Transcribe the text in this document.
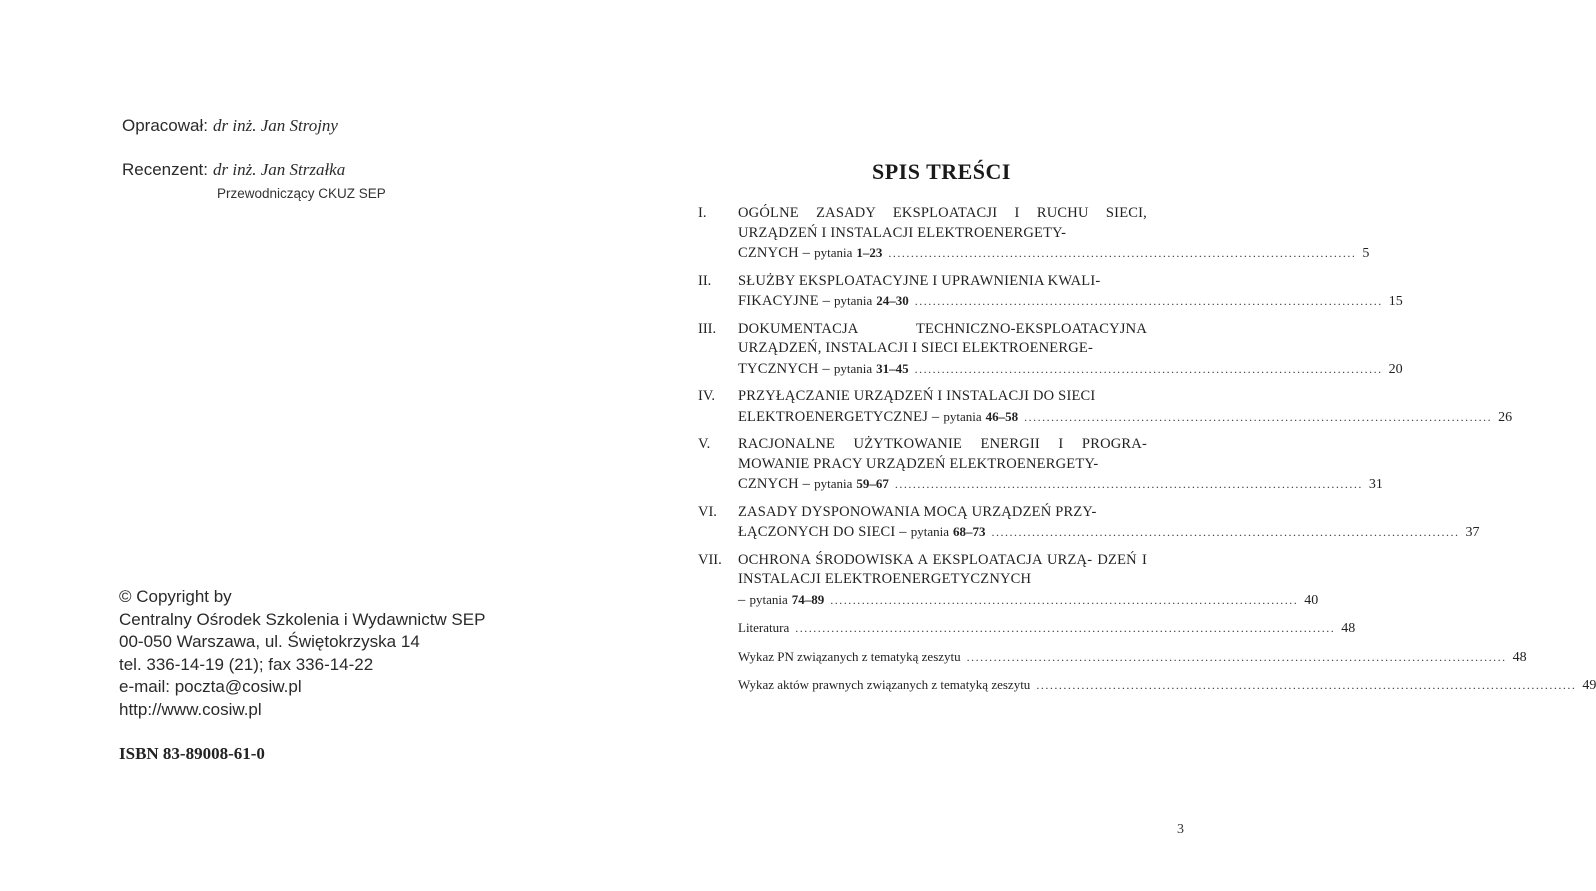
Opracował: dr inż. Jan Strojny
Recenzent: dr inż. Jan Strzałka
Przewodniczący CKUZ SEP
© Copyright by
Centralny Ośrodek Szkolenia i Wydawnictw SEP
00-050 Warszawa, ul. Świętokrzyska 14
tel. 336-14-19 (21); fax 336-14-22
e-mail: poczta@cosiw.pl
http://www.cosiw.pl
ISBN 83-89008-61-0
SPIS TREŚCI
I. OGÓLNE ZASADY EKSPLOATACJI I RUCHU SIECI, URZĄDZEŃ I INSTALACJI ELEKTROENERGETY-
CZNYCH – pytania 1–23 ........................................................................................................ 5
II. SŁUŻBY EKSPLOATACYJNE I UPRAWNIENIA KWALI-
FIKACYJNE – pytania 24–30 ........................................................................................................ 15
III. DOKUMENTACJA TECHNICZNO-EKSPLOATACYJNA URZĄDZEŃ, INSTALACJI I SIECI ELEKTROENERGE-
TYCZNYCH – pytania 31–45 ........................................................................................................ 20
IV. PRZYŁĄCZANIE URZĄDZEŃ I INSTALACJI DO SIECI
ELEKTROENERGETYCZNEJ – pytania 46–58 ........................................................................................................ 26
V. RACJONALNE UŻYTKOWANIE ENERGII I PROGRA- MOWANIE PRACY URZĄDZEŃ ELEKTROENERGETY-
CZNYCH – pytania 59–67 ........................................................................................................ 31
VI. ZASADY DYSPONOWANIA MOCĄ URZĄDZEŃ PRZY-
ŁĄCZONYCH DO SIECI – pytania 68–73 ........................................................................................................ 37
VII. OCHRONA ŚRODOWISKA A EKSPLOATACJA URZĄ- DZEŃ I INSTALACJI ELEKTROENERGETYCZNYCH
– pytania 74–89 ........................................................................................................ 40
Literatura ........................................................................................................................ 48
Wykaz PN związanych z tematyką zeszytu ........................................................................................................................ 48
Wykaz aktów prawnych związanych z tematyką zeszytu ........................................................................................................................ 49
3
